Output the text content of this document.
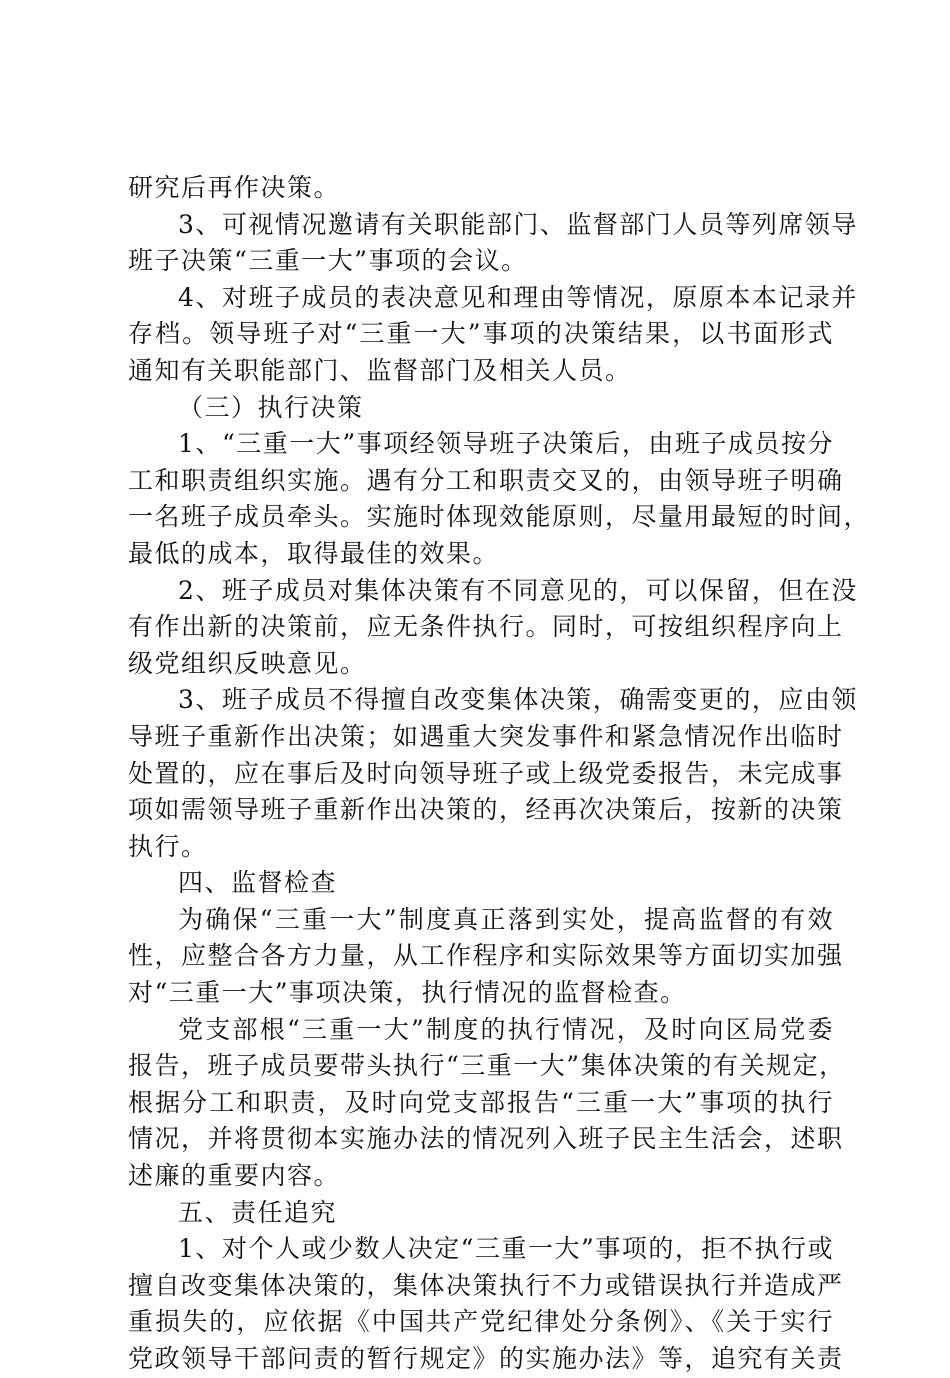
研究后再作决策。
3、可视情况邀请有关职能部门、监督部门人员等列席领导
班子决策“三重一大”事项的会议。
4、对班子成员的表决意见和理由等情况，原原本本记录并
存档。领导班子对“三重一大”事项的决策结果，以书面形式
通知有关职能部门、监督部门及相关人员。
（三）执行决策
1、“三重一大”事项经领导班子决策后，由班子成员按分
工和职责组织实施。遇有分工和职责交叉的，由领导班子明确
一名班子成员牵头。实施时体现效能原则，尽量用最短的时间，
最低的成本，取得最佳的效果。
2、班子成员对集体决策有不同意见的，可以保留，但在没
有作出新的决策前，应无条件执行。同时，可按组织程序向上
级党组织反映意见。
3、班子成员不得擅自改变集体决策，确需变更的，应由领
导班子重新作出决策；如遇重大突发事件和紧急情况作出临时
处置的，应在事后及时向领导班子或上级党委报告，未完成事
项如需领导班子重新作出决策的，经再次决策后，按新的决策
执行。
四、监督检查
为确保“三重一大”制度真正落到实处，提高监督的有效
性，应整合各方力量，从工作程序和实际效果等方面切实加强
对“三重一大”事项决策，执行情况的监督检查。
党支部根“三重一大”制度的执行情况，及时向区局党委
报告，班子成员要带头执行“三重一大”集体决策的有关规定，
根据分工和职责，及时向党支部报告“三重一大”事项的执行
情况，并将贯彻本实施办法的情况列入班子民主生活会，述职
述廉的重要内容。
五、责任追究
1、对个人或少数人决定“三重一大”事项的，拒不执行或
擅自改变集体决策的，集体决策执行不力或错误执行并造成严
重损失的，应依据《中国共产党纪律处分条例》、《关于实行
党政领导干部问责的暂行规定》的实施办法》等，追究有关责
